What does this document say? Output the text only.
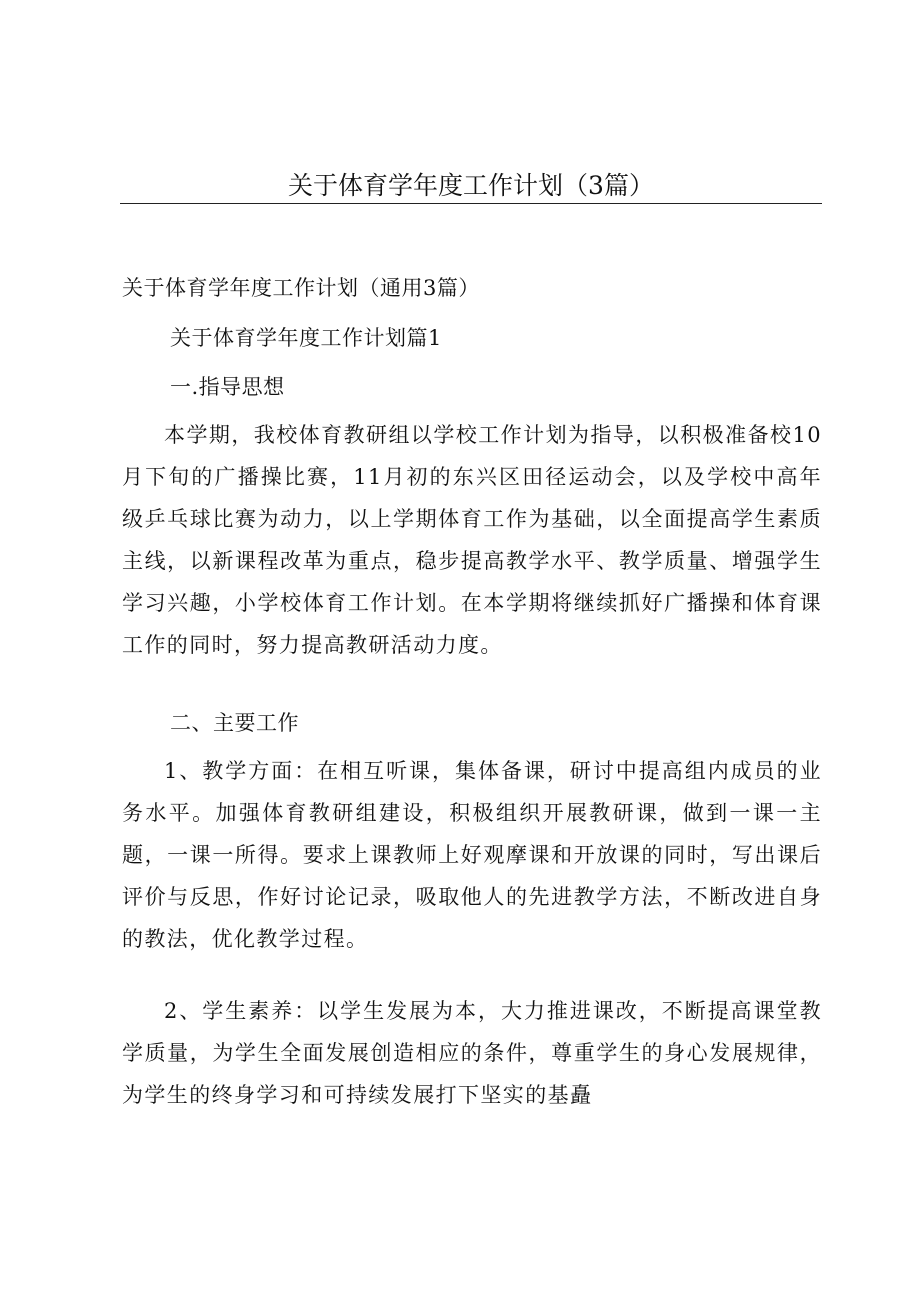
关于体育学年度工作计划（3篇）
关于体育学年度工作计划（通用3篇）
关于体育学年度工作计划篇1
一.指导思想

本学期，我校体育教研组以学校工作计划为指导，以积极准备校10月下旬的广播操比赛，11月初的东兴区田径运动会，以及学校中高年级乒乓球比赛为动力，以上学期体育工作为基础，以全面提高学生素质主线，以新课程改革为重点，稳步提高教学水平、教学质量、增强学生学习兴趣，小学校体育工作计划。在本学期将继续抓好广播操和体育课工作的同时，努力提高教研活动力度。

二、主要工作

1、教学方面：在相互听课，集体备课，研讨中提高组内成员的业务水平。加强体育教研组建设，积极组织开展教研课，做到一课一主题，一课一所得。要求上课教师上好观摩课和开放课的同时，写出课后评价与反思，作好讨论记录，吸取他人的先进教学方法，不断改进自身的教法，优化教学过程。

2、学生素养：以学生发展为本，大力推进课改，不断提高课堂教学质量，为学生全面发展创造相应的条件，尊重学生的身心发展规律，为学生的终身学习和可持续发展打下坚实的基矗
